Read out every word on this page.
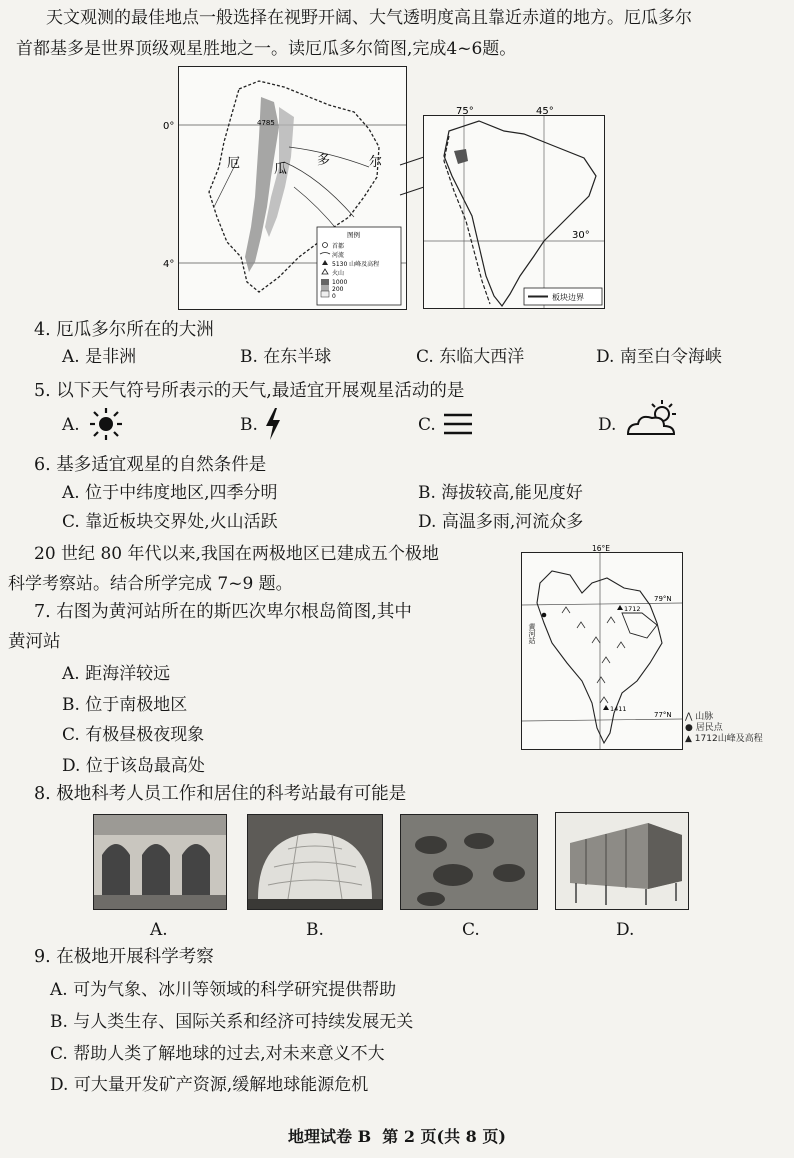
天文观测的最佳地点一般选择在视野开阔、大气透明度高且靠近赤道的地方。厄瓜多尔
首都基多是世界顶级观星胜地之一。读厄瓜多尔简图,完成4~6题。
0°
4°
4785
厄	瓜
多	尔
图例
首都
河流
5130 山峰及高程
火山
1000
200
0
75°	45°
30°
板块边界
4. 厄瓜多尔所在的大洲
A. 是非洲	B. 在东半球	C. 东临大西洋	D. 南至白令海峡
5. 以下天气符号所表示的天气,最适宜开展观星活动的是
A.	B.	C.	D.
6. 基多适宜观星的自然条件是
A. 位于中纬度地区,四季分明	B. 海拔较高,能见度好
C. 靠近板块交界处,火山活跃	D. 高温多雨,河流众多
20 世纪 80 年代以来,我国在两极地区已建成五个极地
科学考察站。结合所学完成 7~9 题。
16°E
79°N
77°N
1712
1411
黄河站
⋀ 山脉
● 居民点
▲ 1712山峰及高程
7. 右图为黄河站所在的斯匹次卑尔根岛简图,其中
黄河站
A. 距海洋较远
B. 位于南极地区
C. 有极昼极夜现象
D. 位于该岛最高处
8. 极地科考人员工作和居住的科考站最有可能是
A.	B.	C.	D.
9. 在极地开展科学考察
A. 可为气象、冰川等领域的科学研究提供帮助
B. 与人类生存、国际关系和经济可持续发展无关
C. 帮助人类了解地球的过去,对未来意义不大
D. 可大量开发矿产资源,缓解地球能源危机
地理试卷 B  第 2 页(共 8 页)
